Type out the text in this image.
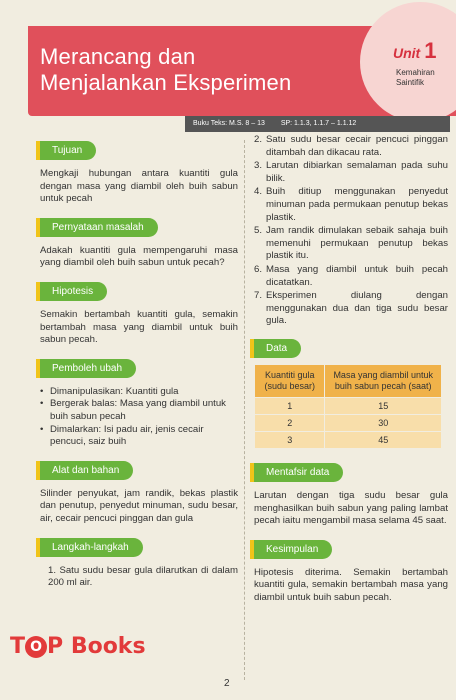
Merancang dan
Menjalankan Eksperimen
Unit 1
Kemahiran Saintifik
Buku Teks: M.S. 8 – 13 SP: 1.1.3, 1.1.7 – 1.1.12
Tujuan

Mengkaji hubungan antara kuantiti gula dengan masa yang diambil oleh buih sabun untuk pecah

Pernyataan masalah

Adakah kuantiti gula mempengaruhi masa yang diambil oleh buih sabun untuk pecah?

Hipotesis

Semakin bertambah kuantiti gula, semakin bertambah masa yang diambil untuk buih sabun pecah.

Pemboleh ubah
• Dimanipulasikan: Kuantiti gula
• Bergerak balas: Masa yang diambil untuk buih sabun pecah
• Dimalarkan: Isi padu air, jenis cecair pencuci, saiz buih
Alat dan bahan

Silinder penyukat, jam randik, bekas plastik dan penutup, penyedut minuman, sudu besar, air, cecair pencuci pinggan dan gula

Langkah-langkah

1. Satu sudu besar gula dilarutkan di dalam 200 ml air.

2. Satu sudu besar cecair pencuci pinggan ditambah dan dikacau rata.
3. Larutan dibiarkan semalaman pada suhu bilik.
4. Buih ditiup menggunakan penyedut minuman pada permukaan penutup bekas plastik.
5. Jam randik dimulakan sebaik sahaja buih memenuhi permukaan penutup bekas plastik itu.
6. Masa yang diambil untuk buih pecah dicatatkan.
7. Eksperimen diulang dengan menggunakan dua dan tiga sudu besar gula.
Data
Kuantiti gula (sudu besar)	Masa yang diambil untuk buih sabun pecah (saat)
1	15
2	30
3	45
Mentafsir data

Larutan dengan tiga sudu besar gula menghasilkan buih sabun yang paling lambat pecah iaitu mengambil masa selama 45 saat.

Kesimpulan

Hipotesis diterima. Semakin bertambah kuantiti gula, semakin bertambah masa yang diambil untuk buih sabun pecah.

2
T O P Books
